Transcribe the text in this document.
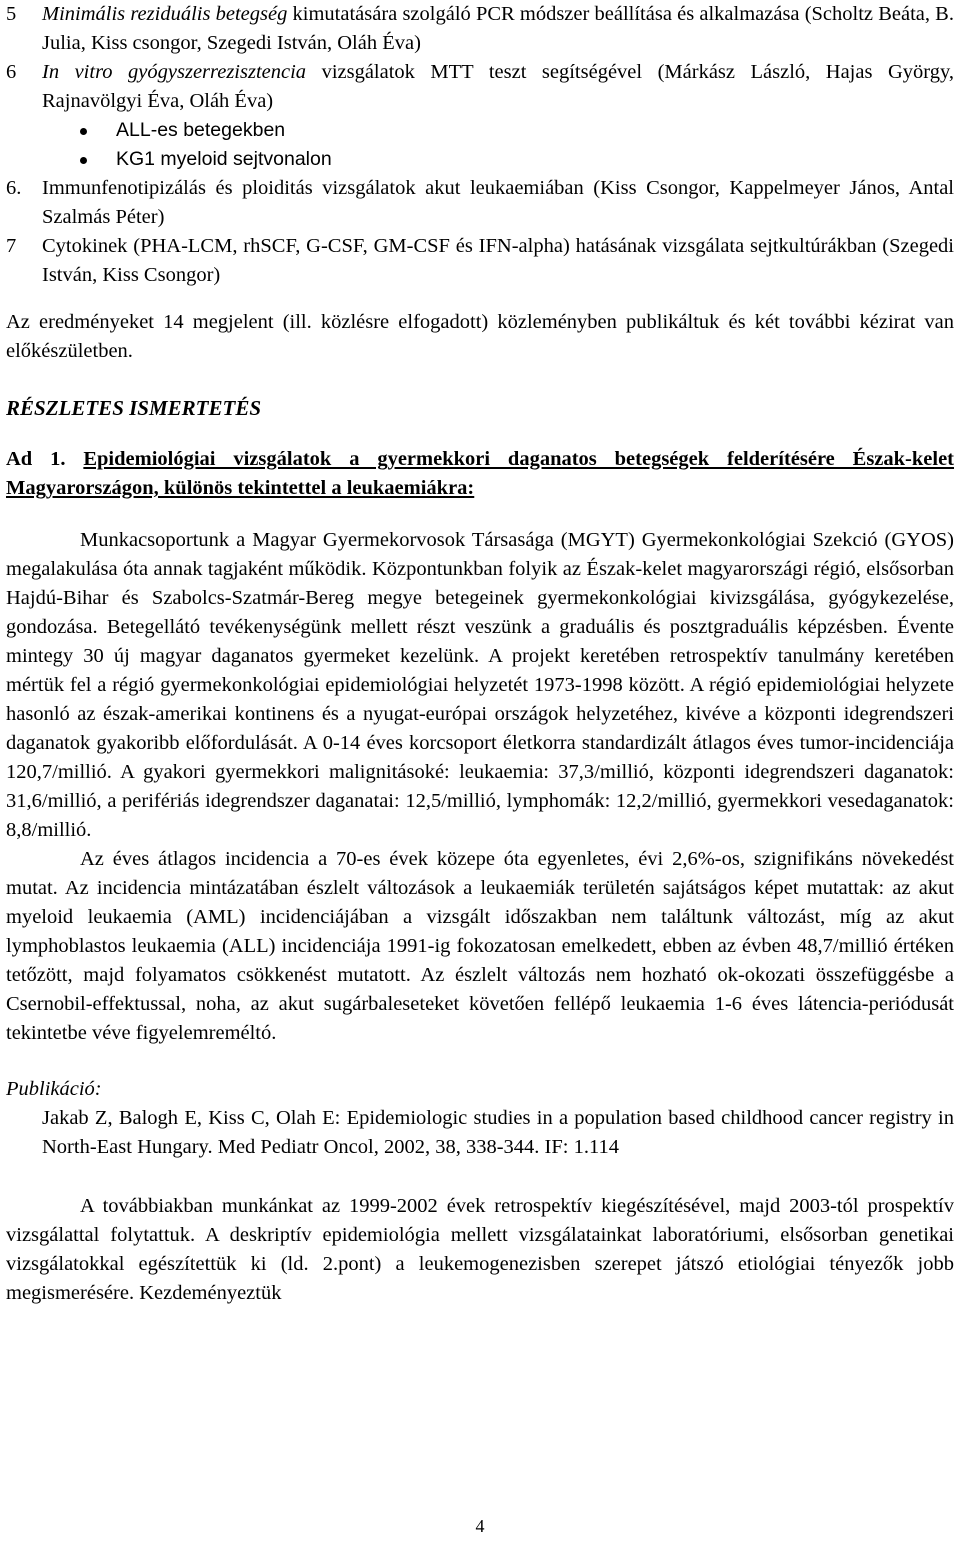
5	Minimális reziduális betegség kimutatására szolgáló PCR módszer beállítása és alkalmazása (Scholtz Beáta, B. Julia, Kiss csongor, Szegedi István, Oláh Éva)
6	In vitro gyógyszerrezisztencia vizsgálatok MTT teszt segítségével (Márkász László, Hajas György, Rajnavölgyi Éva, Oláh Éva)
ALL-es betegekben
KG1 myeloid sejtvonalon
6.	Immunfenotipizálás és ploiditás vizsgálatok akut leukaemiában (Kiss Csongor, Kappelmeyer János, Antal Szalmás Péter)
7	Cytokinek (PHA-LCM, rhSCF, G-CSF, GM-CSF és IFN-alpha) hatásának vizsgálata sejtkultúrákban (Szegedi István, Kiss Csongor)

Az eredményeket 14 megjelent (ill. közlésre elfogadott) közleményben publikáltuk és két további kézirat van előkészületben.

RÉSZLETES ISMERTETÉS

Ad 1. Epidemiológiai vizsgálatok a gyermekkori daganatos betegségek felderítésére Észak-kelet Magyarországon, különös tekintettel a leukaemiákra:

Munkacsoportunk a Magyar Gyermekorvosok Társasága (MGYT) Gyermekonkológiai Szekció (GYOS) megalakulása óta annak tagjaként működik. Központunkban folyik az Észak-kelet magyarországi régió, elsősorban Hajdú-Bihar és Szabolcs-Szatmár-Bereg megye betegeinek gyermekonkológiai kivizsgálása, gyógykezelése, gondozása. Betegellátó tevékenységünk mellett részt veszünk a graduális és posztgraduális képzésben. Évente mintegy 30 új magyar daganatos gyermeket kezelünk. A projekt keretében retrospektív tanulmány keretében mértük fel a régió gyermekonkológiai epidemiológiai helyzetét 1973-1998 között. A régió epidemiológiai helyzete hasonló az észak-amerikai kontinens és a nyugat-európai országok helyzetéhez, kivéve a központi idegrendszeri daganatok gyakoribb előfordulását. A 0-14 éves korcsoport életkorra standardizált átlagos éves tumor-incidenciája 120,7/millió. A gyakori gyermekkori malignitásoké: leukaemia: 37,3/millió, központi idegrendszeri daganatok: 31,6/millió, a perifériás idegrendszer daganatai: 12,5/millió, lymphomák: 12,2/millió, gyermekkori vesedaganatok: 8,8/millió.

Az éves átlagos incidencia a 70-es évek közepe óta egyenletes, évi 2,6%-os, szignifikáns növekedést mutat. Az incidencia mintázatában észlelt változások a leukaemiák területén sajátságos képet mutattak: az akut myeloid leukaemia (AML) incidenciájában a vizsgált időszakban nem találtunk változást, míg az akut lymphoblastos leukaemia (ALL) incidenciája 1991-ig fokozatosan emelkedett, ebben az évben 48,7/millió értéken tetőzött, majd folyamatos csökkenést mutatott. Az észlelt változás nem hozható ok-okozati összefüggésbe a Csernobil-effektussal, noha, az akut sugárbaleseteket követően fellépő leukaemia 1-6 éves látencia-periódusát tekintetbe véve figyelemreméltó.

Publikáció:

Jakab Z, Balogh E, Kiss C, Olah E: Epidemiologic studies in a population based childhood cancer registry in North-East Hungary. Med Pediatr Oncol, 2002, 38, 338-344. IF: 1.114

A továbbiakban munkánkat az 1999-2002 évek retrospektív kiegészítésével, majd 2003-tól prospektív vizsgálattal folytattuk. A deskriptív epidemiológia mellett vizsgálatainkat laboratóriumi, elsősorban genetikai vizsgálatokkal egészítettük ki (ld. 2.pont) a leukemogenezisben szerepet játszó etiológiai tényezők jobb megismerésére. Kezdeményeztük

4
